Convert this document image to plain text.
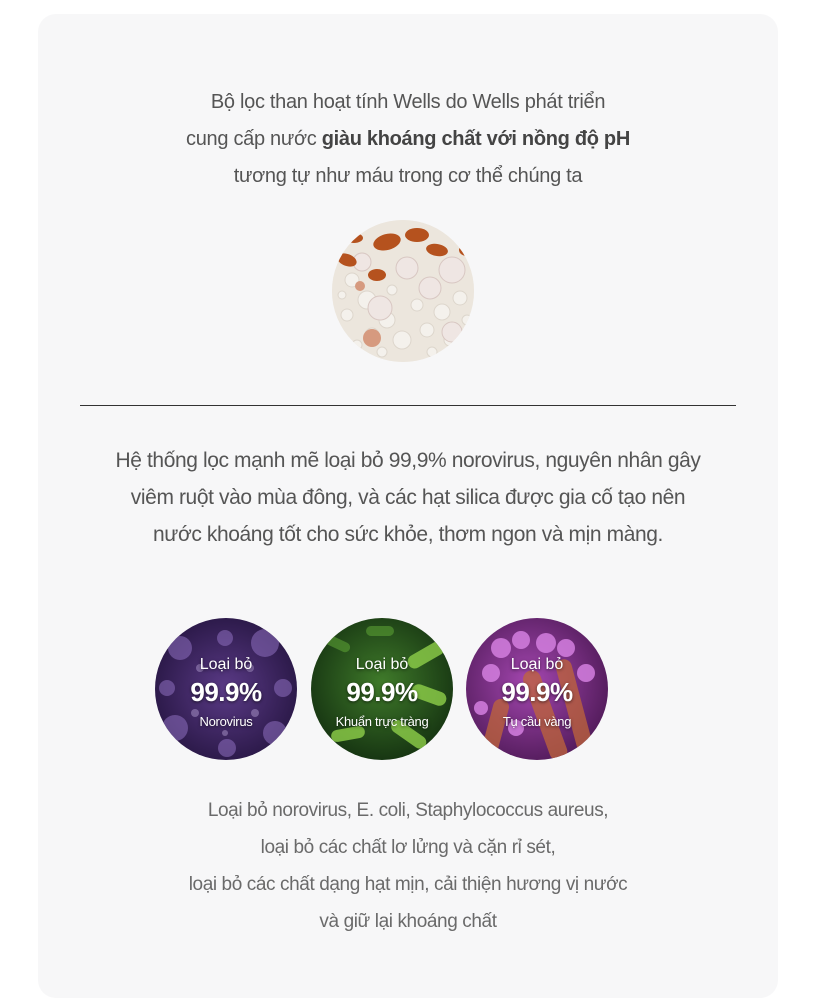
Bộ lọc than hoạt tính Wells do Wells phát triển
cung cấp nước giàu khoáng chất với nồng độ pH
tương tự như máu trong cơ thể chúng ta
Hệ thống lọc mạnh mẽ loại bỏ 99,9% norovirus, nguyên nhân gây
viêm ruột vào mùa đông, và các hạt silica được gia cố tạo nên
nước khoáng tốt cho sức khỏe, thơm ngon và mịn màng.
Loại bỏ
99.9%
Norovirus
Loại bỏ
99.9%
Khuẩn trực tràng
Loại bỏ
99.9%
Tụ cầu vàng
Loại bỏ norovirus, E. coli, Staphylococcus aureus,
loại bỏ các chất lơ lửng và cặn rỉ sét,
loại bỏ các chất dạng hạt mịn, cải thiện hương vị nước
và giữ lại khoáng chất
